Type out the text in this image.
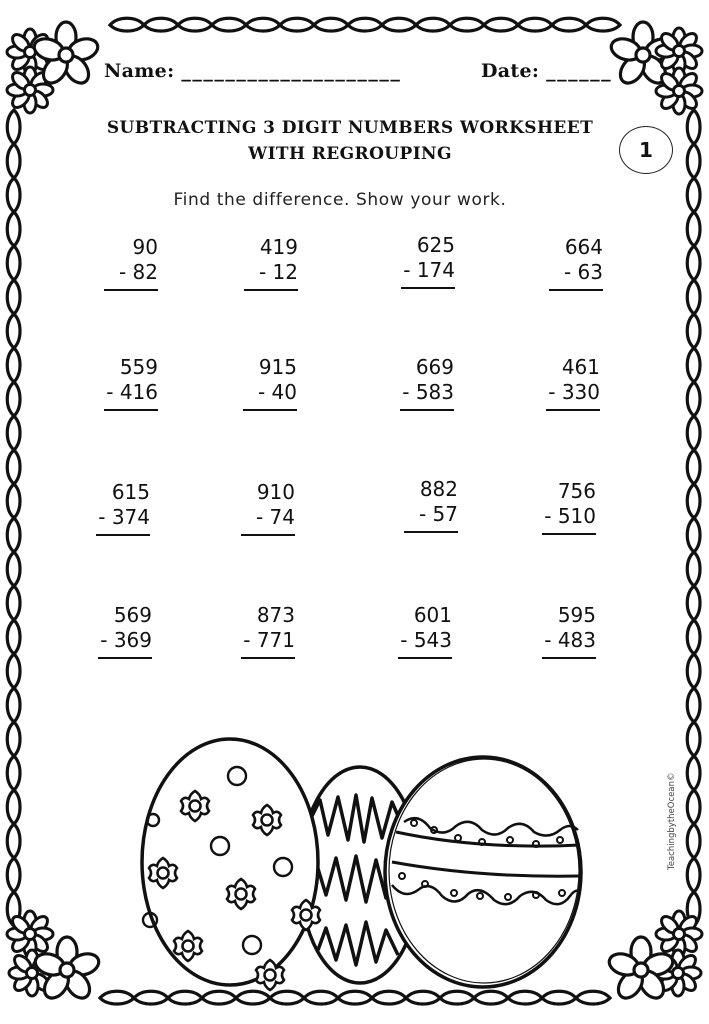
Name: ____________________	Date: ______
SUBTRACTING 3 DIGIT NUMBERS WORKSHEET
WITH REGROUPING	1
Find the difference. Show your work.
90
- 82
419
- 12
625
- 174
664
- 63
559
- 416
915
- 40
669
- 583
461
- 330
615
- 374
910
- 74
882
- 57
756
- 510
569
- 369
873
- 771
601
- 543
595
- 483
TeachingbytheOcean©
